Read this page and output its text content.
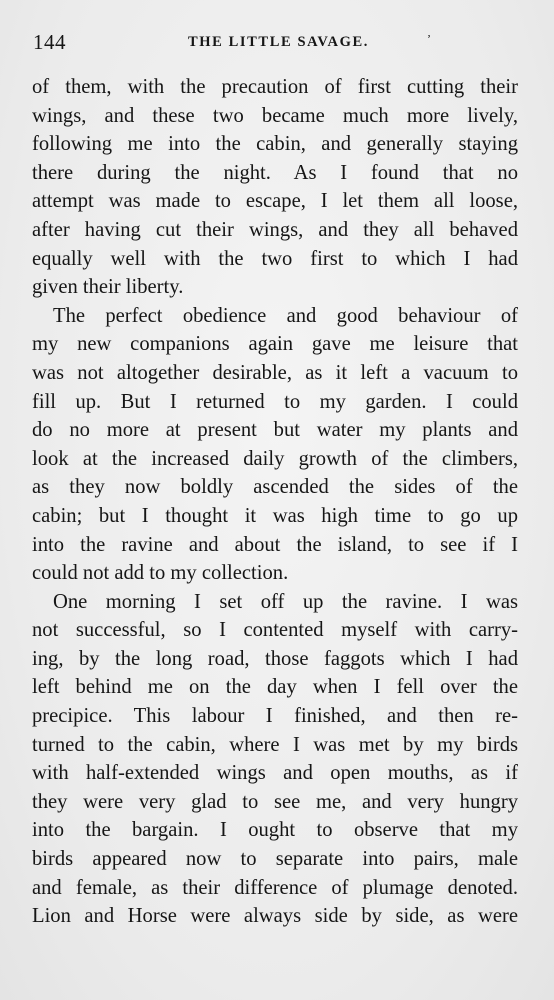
144	THE LITTLE SAVAGE.	ʼ
of them, with the precaution of first cutting their
wings, and these two became much more lively,
following me into the cabin, and generally staying
there during the night. As I found that no
attempt was made to escape, I let them all loose,
after having cut their wings, and they all behaved
equally well with the two first to which I had
given their liberty.
The perfect obedience and good behaviour of
my new companions again gave me leisure that
was not altogether desirable, as it left a vacuum to
fill up. But I returned to my garden. I could
do no more at present but water my plants and
look at the increased daily growth of the climbers,
as they now boldly ascended the sides of the
cabin; but I thought it was high time to go up
into the ravine and about the island, to see if I
could not add to my collection.
One morning I set off up the ravine. I was
not successful, so I contented myself with carry-
ing, by the long road, those faggots which I had
left behind me on the day when I fell over the
precipice. This labour I finished, and then re-
turned to the cabin, where I was met by my birds
with half-extended wings and open mouths, as if
they were very glad to see me, and very hungry
into the bargain. I ought to observe that my
birds appeared now to separate into pairs, male
and female, as their difference of plumage denoted.
Lion and Horse were always side by side, as were
